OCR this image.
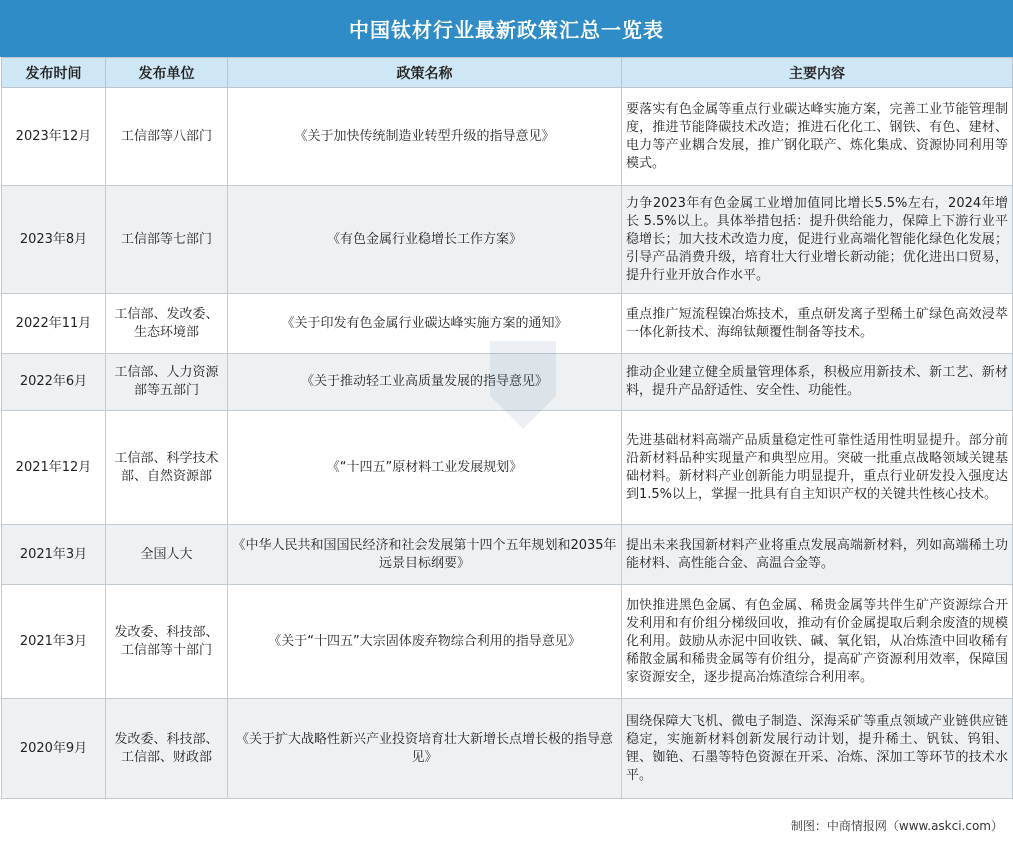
中国钛材行业最新政策汇总一览表
发布时间	发布单位	政策名称	主要内容
2023年12月	工信部等八部门	《关于加快传统制造业转型升级的指导意见》	要落实有色金属等重点行业碳达峰实施方案，完善工业节能管理制度，推进节能降碳技术改造；推进石化化工、钢铁、有色、建材、电力等产业耦合发展，推广钢化联产、炼化集成、资源协同利用等模式。
2023年8月	工信部等七部门	《有色金属行业稳增长工作方案》	力争2023年有色金属工业增加值同比增长5.5%左右，2024年增长 5.5%以上。具体举措包括：提升供给能力，保障上下游行业平稳增长；加大技术改造力度，促进行业高端化智能化绿色化发展；引导产品消费升级，培育壮大行业增长新动能；优化进出口贸易，提升行业开放合作水平。
2022年11月	工信部、发改委、生态环境部	《关于印发有色金属行业碳达峰实施方案的通知》	重点推广短流程镍冶炼技术，重点研发离子型稀土矿绿色高效浸萃一体化新技术、海绵钛颠覆性制备等技术。
2022年6月	工信部、人力资源部等五部门	《关于推动轻工业高质量发展的指导意见》	推动企业建立健全质量管理体系，积极应用新技术、新工艺、新材料，提升产品舒适性、安全性、功能性。
2021年12月	工信部、科学技术部、自然资源部	《“十四五”原材料工业发展规划》	先进基础材料高端产品质量稳定性可靠性适用性明显提升。部分前沿新材料品种实现量产和典型应用。突破一批重点战略领域关键基础材料。新材料产业创新能力明显提升，重点行业研发投入强度达到1.5%以上，掌握一批具有自主知识产权的关键共性核心技术。
2021年3月	全国人大	《中华人民共和国国民经济和社会发展第十四个五年规划和2035年远景目标纲要》	提出未来我国新材料产业将重点发展高端新材料，列如高端稀土功能材料、高性能合金、高温合金等。
2021年3月	发改委、科技部、工信部等十部门	《关于“十四五”大宗固体废弃物综合利用的指导意见》	加快推进黑色金属、有色金属、稀贵金属等共伴生矿产资源综合开发利用和有价组分梯级回收，推动有价金属提取后剩余废渣的规模化利用。鼓励从赤泥中回收铁、碱、氧化铝，从冶炼渣中回收稀有稀散金属和稀贵金属等有价组分，提高矿产资源利用效率，保障国家资源安全，逐步提高冶炼渣综合利用率。
2020年9月	发改委、科技部、工信部、财政部	《关于扩大战略性新兴产业投资培育壮大新增长点增长极的指导意见》	围绕保障大飞机、微电子制造、深海采矿等重点领域产业链供应链稳定，实施新材料创新发展行动计划，提升稀土、钒钛、钨钼、锂、铷铯、石墨等特色资源在开采、冶炼、深加工等环节的技术水平。
制图：中商情报网（www.askci.com）
